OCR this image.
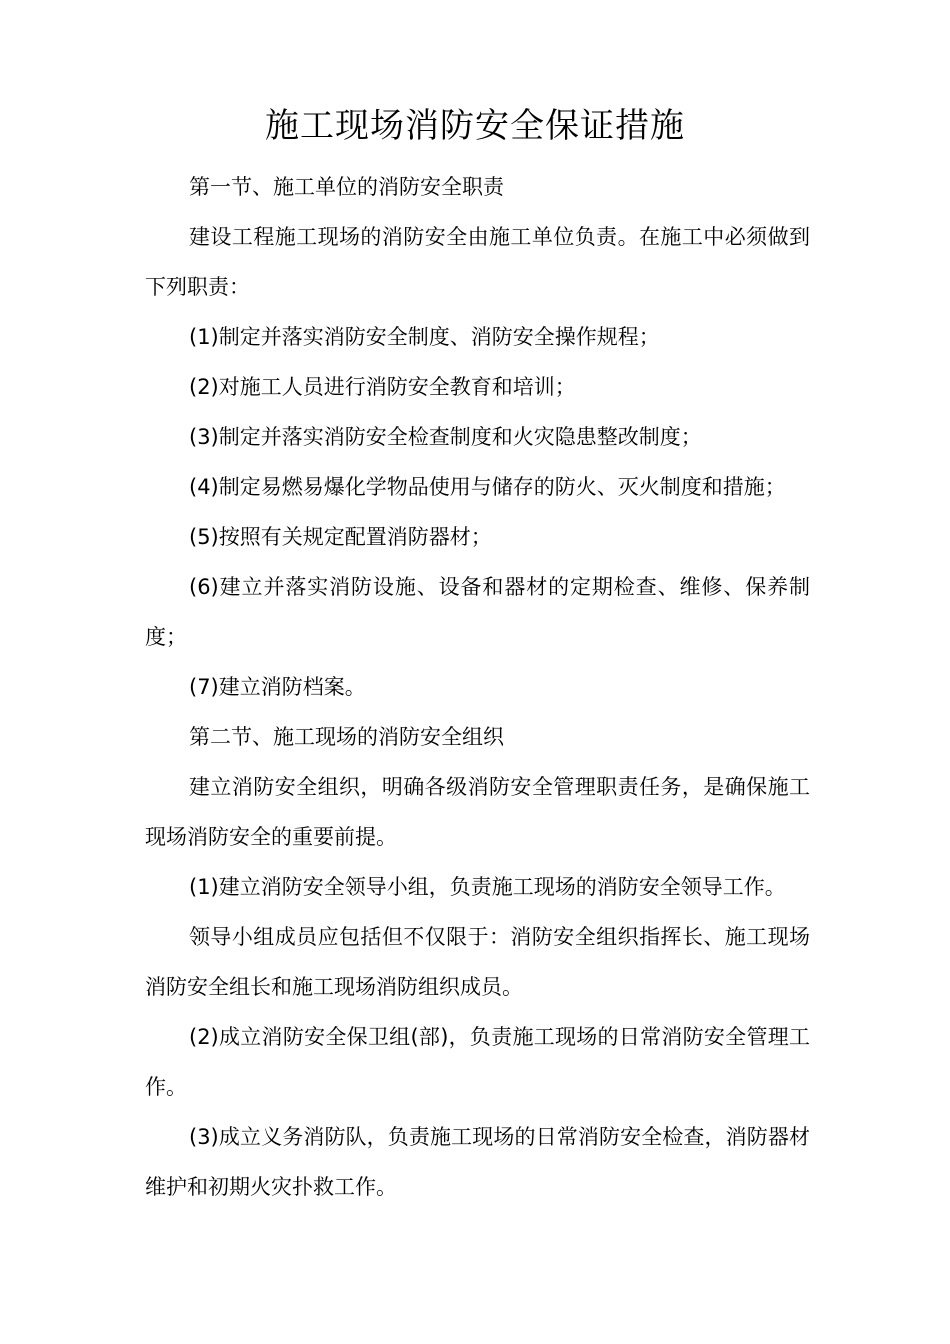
施工现场消防安全保证措施

第一节、施工单位的消防安全职责

建设工程施工现场的消防安全由施工单位负责。在施工中必须做到下列职责：

(1)制定并落实消防安全制度、消防安全操作规程；

(2)对施工人员进行消防安全教育和培训；

(3)制定并落实消防安全检查制度和火灾隐患整改制度；

(4)制定易燃易爆化学物品使用与储存的防火、灭火制度和措施；

(5)按照有关规定配置消防器材；

(6)建立并落实消防设施、设备和器材的定期检查、维修、保养制度；

(7)建立消防档案。

第二节、施工现场的消防安全组织

建立消防安全组织，明确各级消防安全管理职责任务，是确保施工现场消防安全的重要前提。

(1)建立消防安全领导小组，负责施工现场的消防安全领导工作。

领导小组成员应包括但不仅限于：消防安全组织指挥长、施工现场消防安全组长和施工现场消防组织成员。

(2)成立消防安全保卫组(部)，负责施工现场的日常消防安全管理工作。

(3)成立义务消防队，负责施工现场的日常消防安全检查，消防器材维护和初期火灾扑救工作。
